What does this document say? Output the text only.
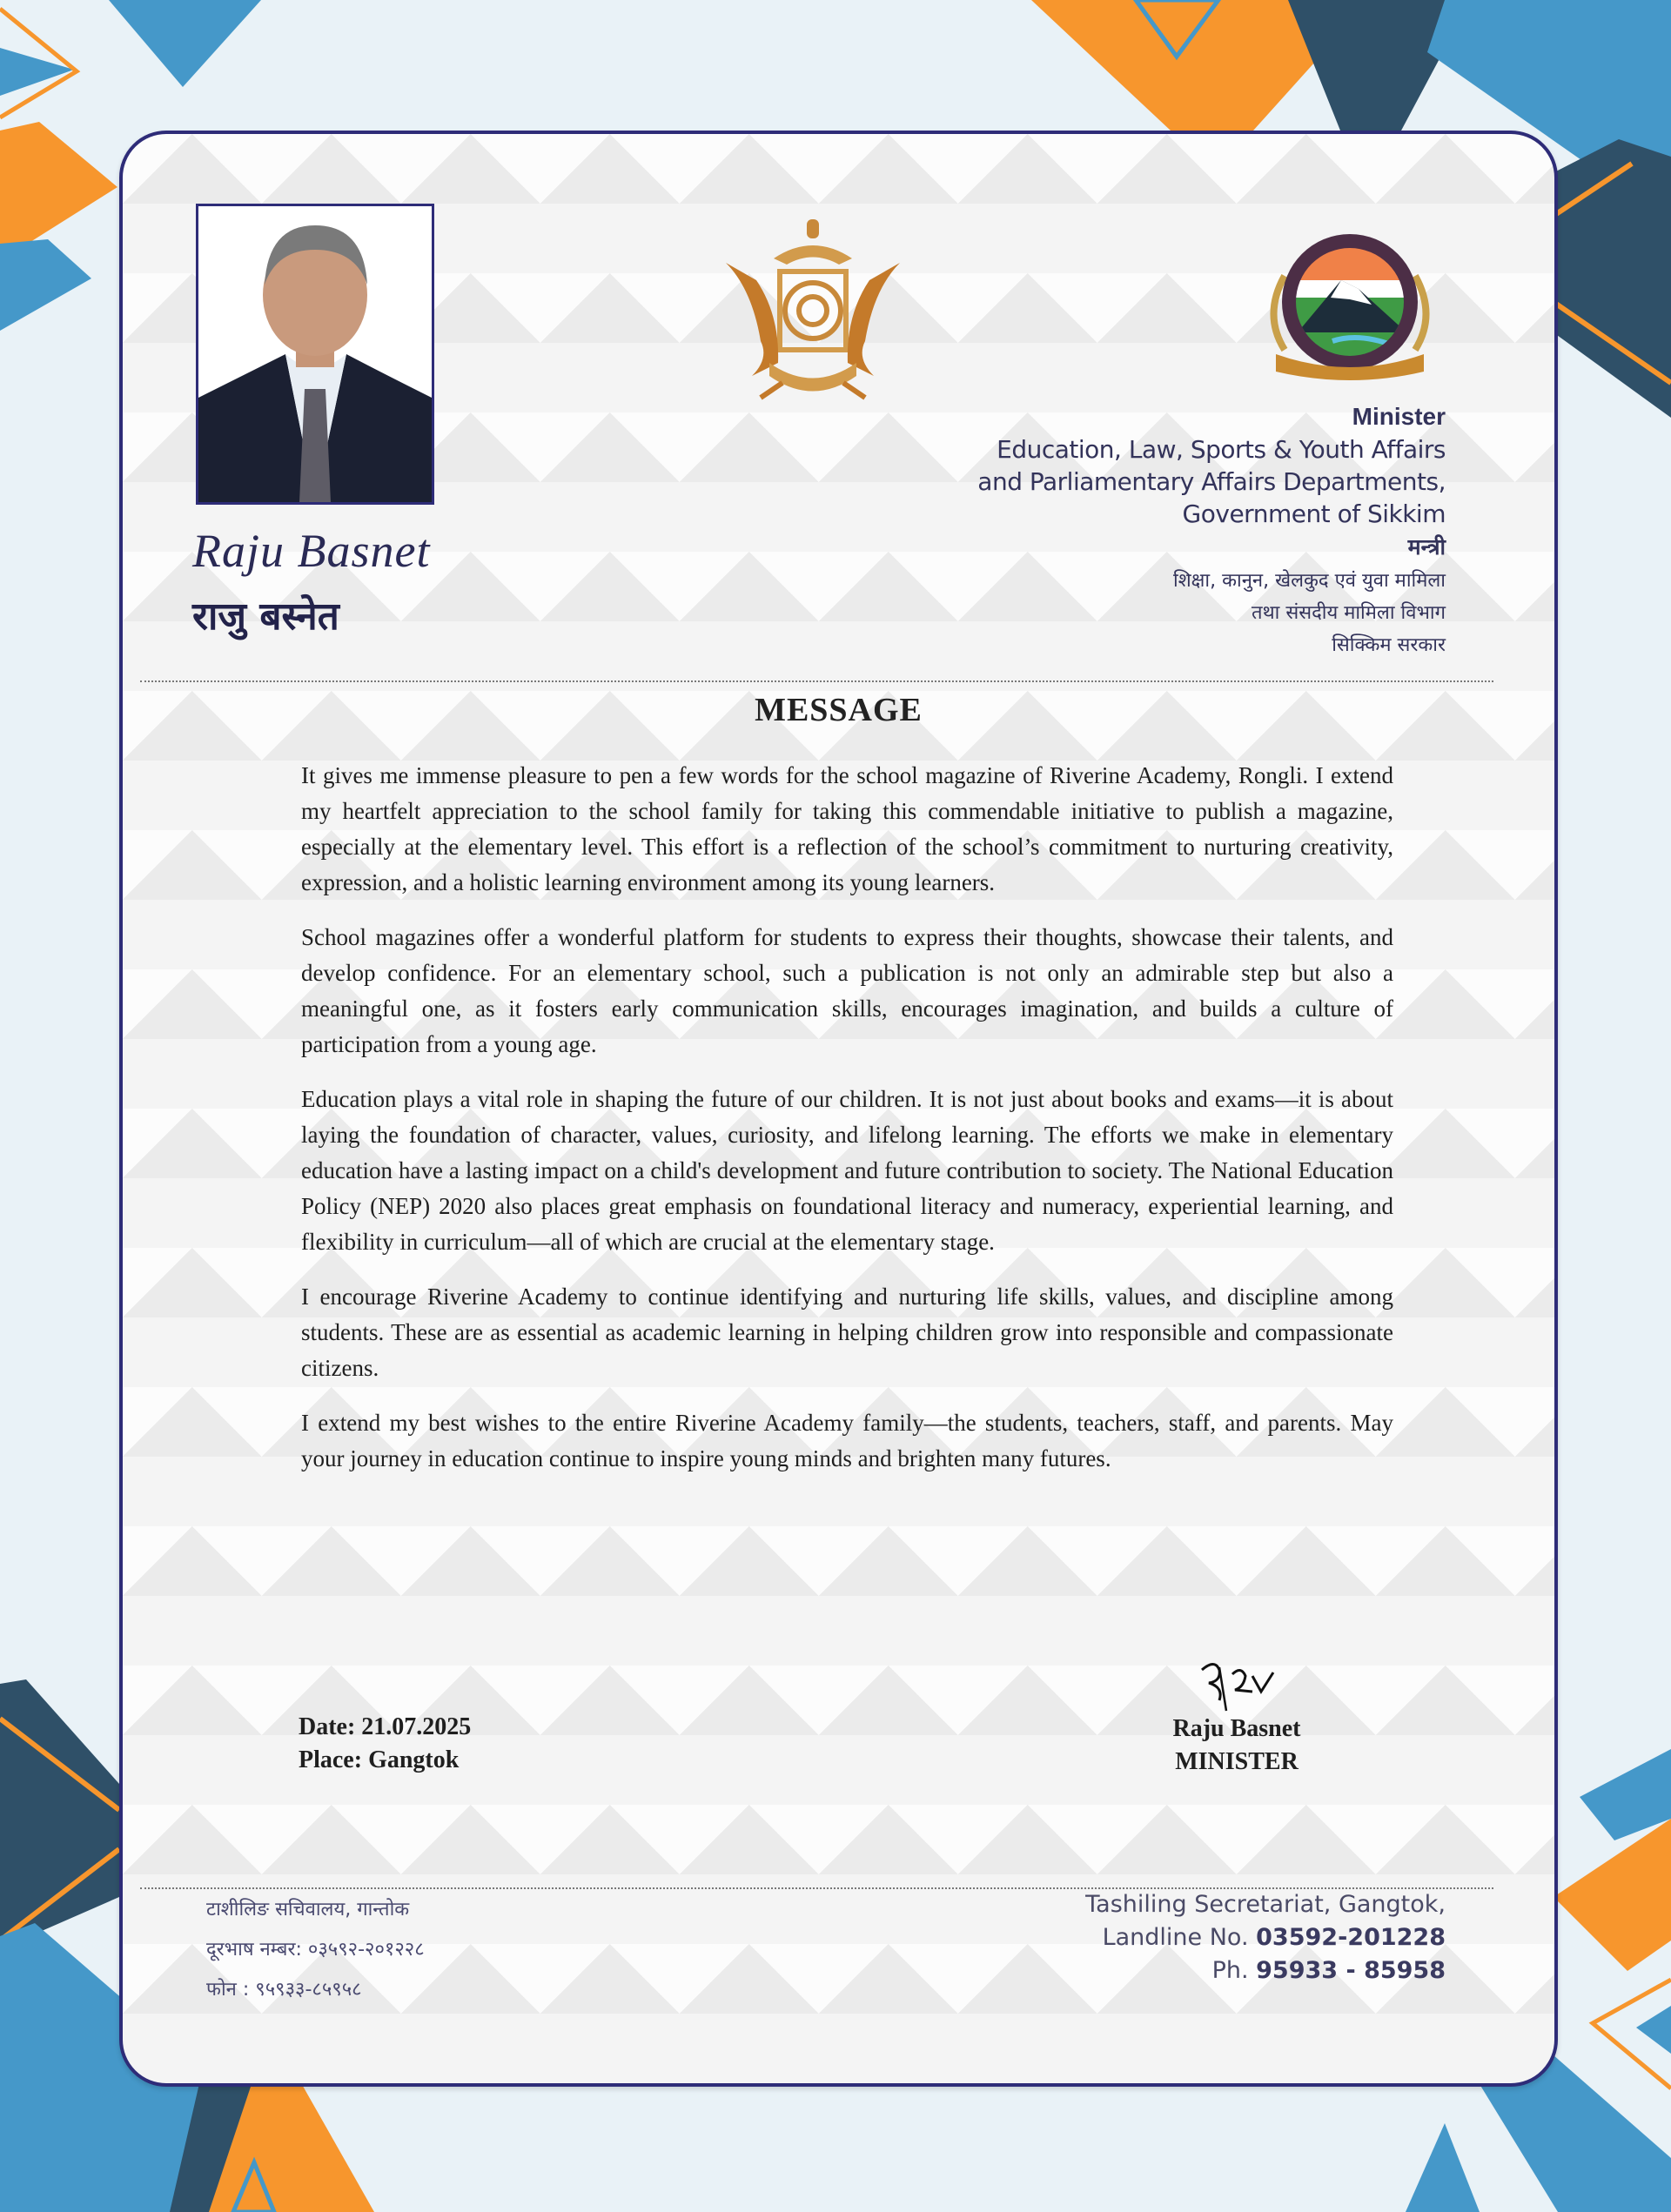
Raju Basnet
राजु बस्नेत
Minister
Education, Law, Sports & Youth Affairs
and Parliamentary Affairs Departments,
Government of Sikkim
मन्त्री
शिक्षा, कानुन, खेलकुद एवं युवा मामिला
तथा संसदीय मामिला विभाग
सिक्किम सरकार
MESSAGE

It gives me immense pleasure to pen a few words for the school magazine of Riverine Academy, Rongli. I extend my heartfelt appreciation to the school family for taking this commendable initiative to publish a magazine, especially at the elementary level. This effort is a reflection of the school’s commitment to nurturing creativity, expression, and a holistic learning environment among its young learners.

School magazines offer a wonderful platform for students to express their thoughts, showcase their talents, and develop confidence. For an elementary school, such a publication is not only an admirable step but also a meaningful one, as it fosters early communication skills, encourages imagination, and builds a culture of participation from a young age.

Education plays a vital role in shaping the future of our children. It is not just about books and exams—it is about laying the foundation of character, values, curiosity, and lifelong learning. The efforts we make in elementary education have a lasting impact on a child's development and future contribution to society. The National Education Policy (NEP) 2020 also places great emphasis on foundational literacy and numeracy, experiential learning, and flexibility in curriculum—all of which are crucial at the elementary stage.

I encourage Riverine Academy to continue identifying and nurturing life skills, values, and discipline among students. These are as essential as academic learning in helping children grow into responsible and compassionate citizens.

I extend my best wishes to the entire Riverine Academy family—the students, teachers, staff, and parents. May your journey in education continue to inspire young minds and brighten many futures.

Date: 21.07.2025
Place: Gangtok
Raju Basnet
MINISTER
टाशीलिङ सचिवालय, गान्तोक
दूरभाष नम्बर: ०३५९२-२०१२२८
फोन : ९५९३३-८५९५८
Tashiling Secretariat, Gangtok,
Landline No. 03592-201228
Ph. 95933 - 85958
